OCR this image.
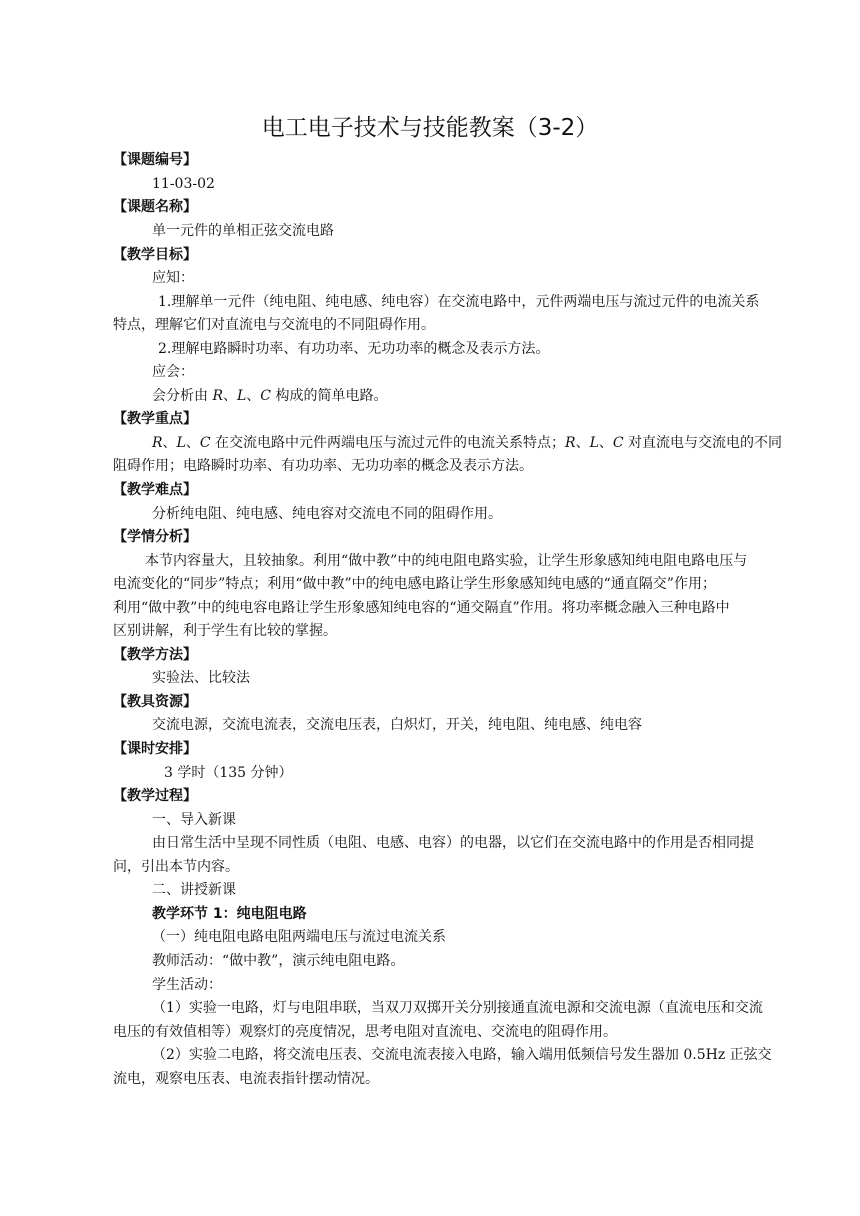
电工电子技术与技能教案（3-2）
【课题编号】
11-03-02
【课题名称】
单一元件的单相正弦交流电路
【教学目标】
应知：
1.理解单一元件（纯电阻、纯电感、纯电容）在交流电路中，元件两端电压与流过元件的电流关系
特点，理解它们对直流电与交流电的不同阻碍作用。
2.理解电路瞬时功率、有功功率、无功功率的概念及表示方法。
应会：
会分析由 R、L、C 构成的简单电路。
【教学重点】
R、L、C 在交流电路中元件两端电压与流过元件的电流关系特点；R、L、C 对直流电与交流电的不同
阻碍作用；电路瞬时功率、有功功率、无功功率的概念及表示方法。
【教学难点】
分析纯电阻、纯电感、纯电容对交流电不同的阻碍作用。
【学情分析】
本节内容量大，且较抽象。利用“做中教”中的纯电阻电路实验，让学生形象感知纯电阻电路电压与
电流变化的“同步”特点；利用“做中教”中的纯电感电路让学生形象感知纯电感的“通直隔交”作用；
利用“做中教”中的纯电容电路让学生形象感知纯电容的“通交隔直”作用。将功率概念融入三种电路中
区别讲解，利于学生有比较的掌握。
【教学方法】
实验法、比较法
【教具资源】
交流电源，交流电流表，交流电压表，白炽灯，开关，纯电阻、纯电感、纯电容
【课时安排】
3 学时（135 分钟）
【教学过程】
一、导入新课
由日常生活中呈现不同性质（电阻、电感、电容）的电器，以它们在交流电路中的作用是否相同提
问，引出本节内容。
二、讲授新课
教学环节 1：纯电阻电路
（一）纯电阻电路电阻两端电压与流过电流关系
教师活动：“做中教”，演示纯电阻电路。
学生活动：
（1）实验一电路，灯与电阻串联，当双刀双掷开关分别接通直流电源和交流电源（直流电压和交流
电压的有效值相等）观察灯的亮度情况，思考电阻对直流电、交流电的阻碍作用。
（2）实验二电路，将交流电压表、交流电流表接入电路，输入端用低频信号发生器加 0.5Hz 正弦交
流电，观察电压表、电流表指针摆动情况。
